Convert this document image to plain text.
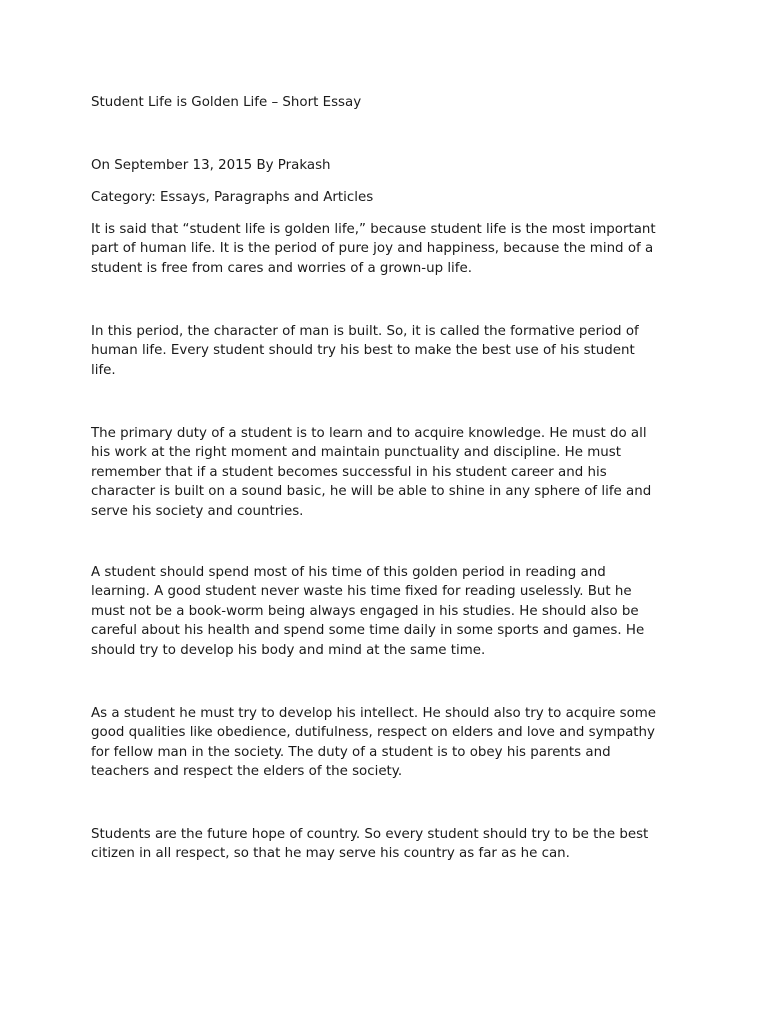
Student Life is Golden Life – Short Essay

On September 13, 2015 By Prakash

Category: Essays, Paragraphs and Articles

It is said that “student life is golden life,” because student life is the most important
part of human life. It is the period of pure joy and happiness, because the mind of a
student is free from cares and worries of a grown-up life.
In this period, the character of man is built. So, it is called the formative period of
human life. Every student should try his best to make the best use of his student
life.
The primary duty of a student is to learn and to acquire knowledge. He must do all
his work at the right moment and maintain punctuality and discipline. He must
remember that if a student becomes successful in his student career and his
character is built on a sound basic, he will be able to shine in any sphere of life and
serve his society and countries.
A student should spend most of his time of this golden period in reading and
learning. A good student never waste his time fixed for reading uselessly. But he
must not be a book-worm being always engaged in his studies. He should also be
careful about his health and spend some time daily in some sports and games. He
should try to develop his body and mind at the same time.
As a student he must try to develop his intellect. He should also try to acquire some
good qualities like obedience, dutifulness, respect on elders and love and sympathy
for fellow man in the society. The duty of a student is to obey his parents and
teachers and respect the elders of the society.
Students are the future hope of country. So every student should try to be the best
citizen in all respect, so that he may serve his country as far as he can.
